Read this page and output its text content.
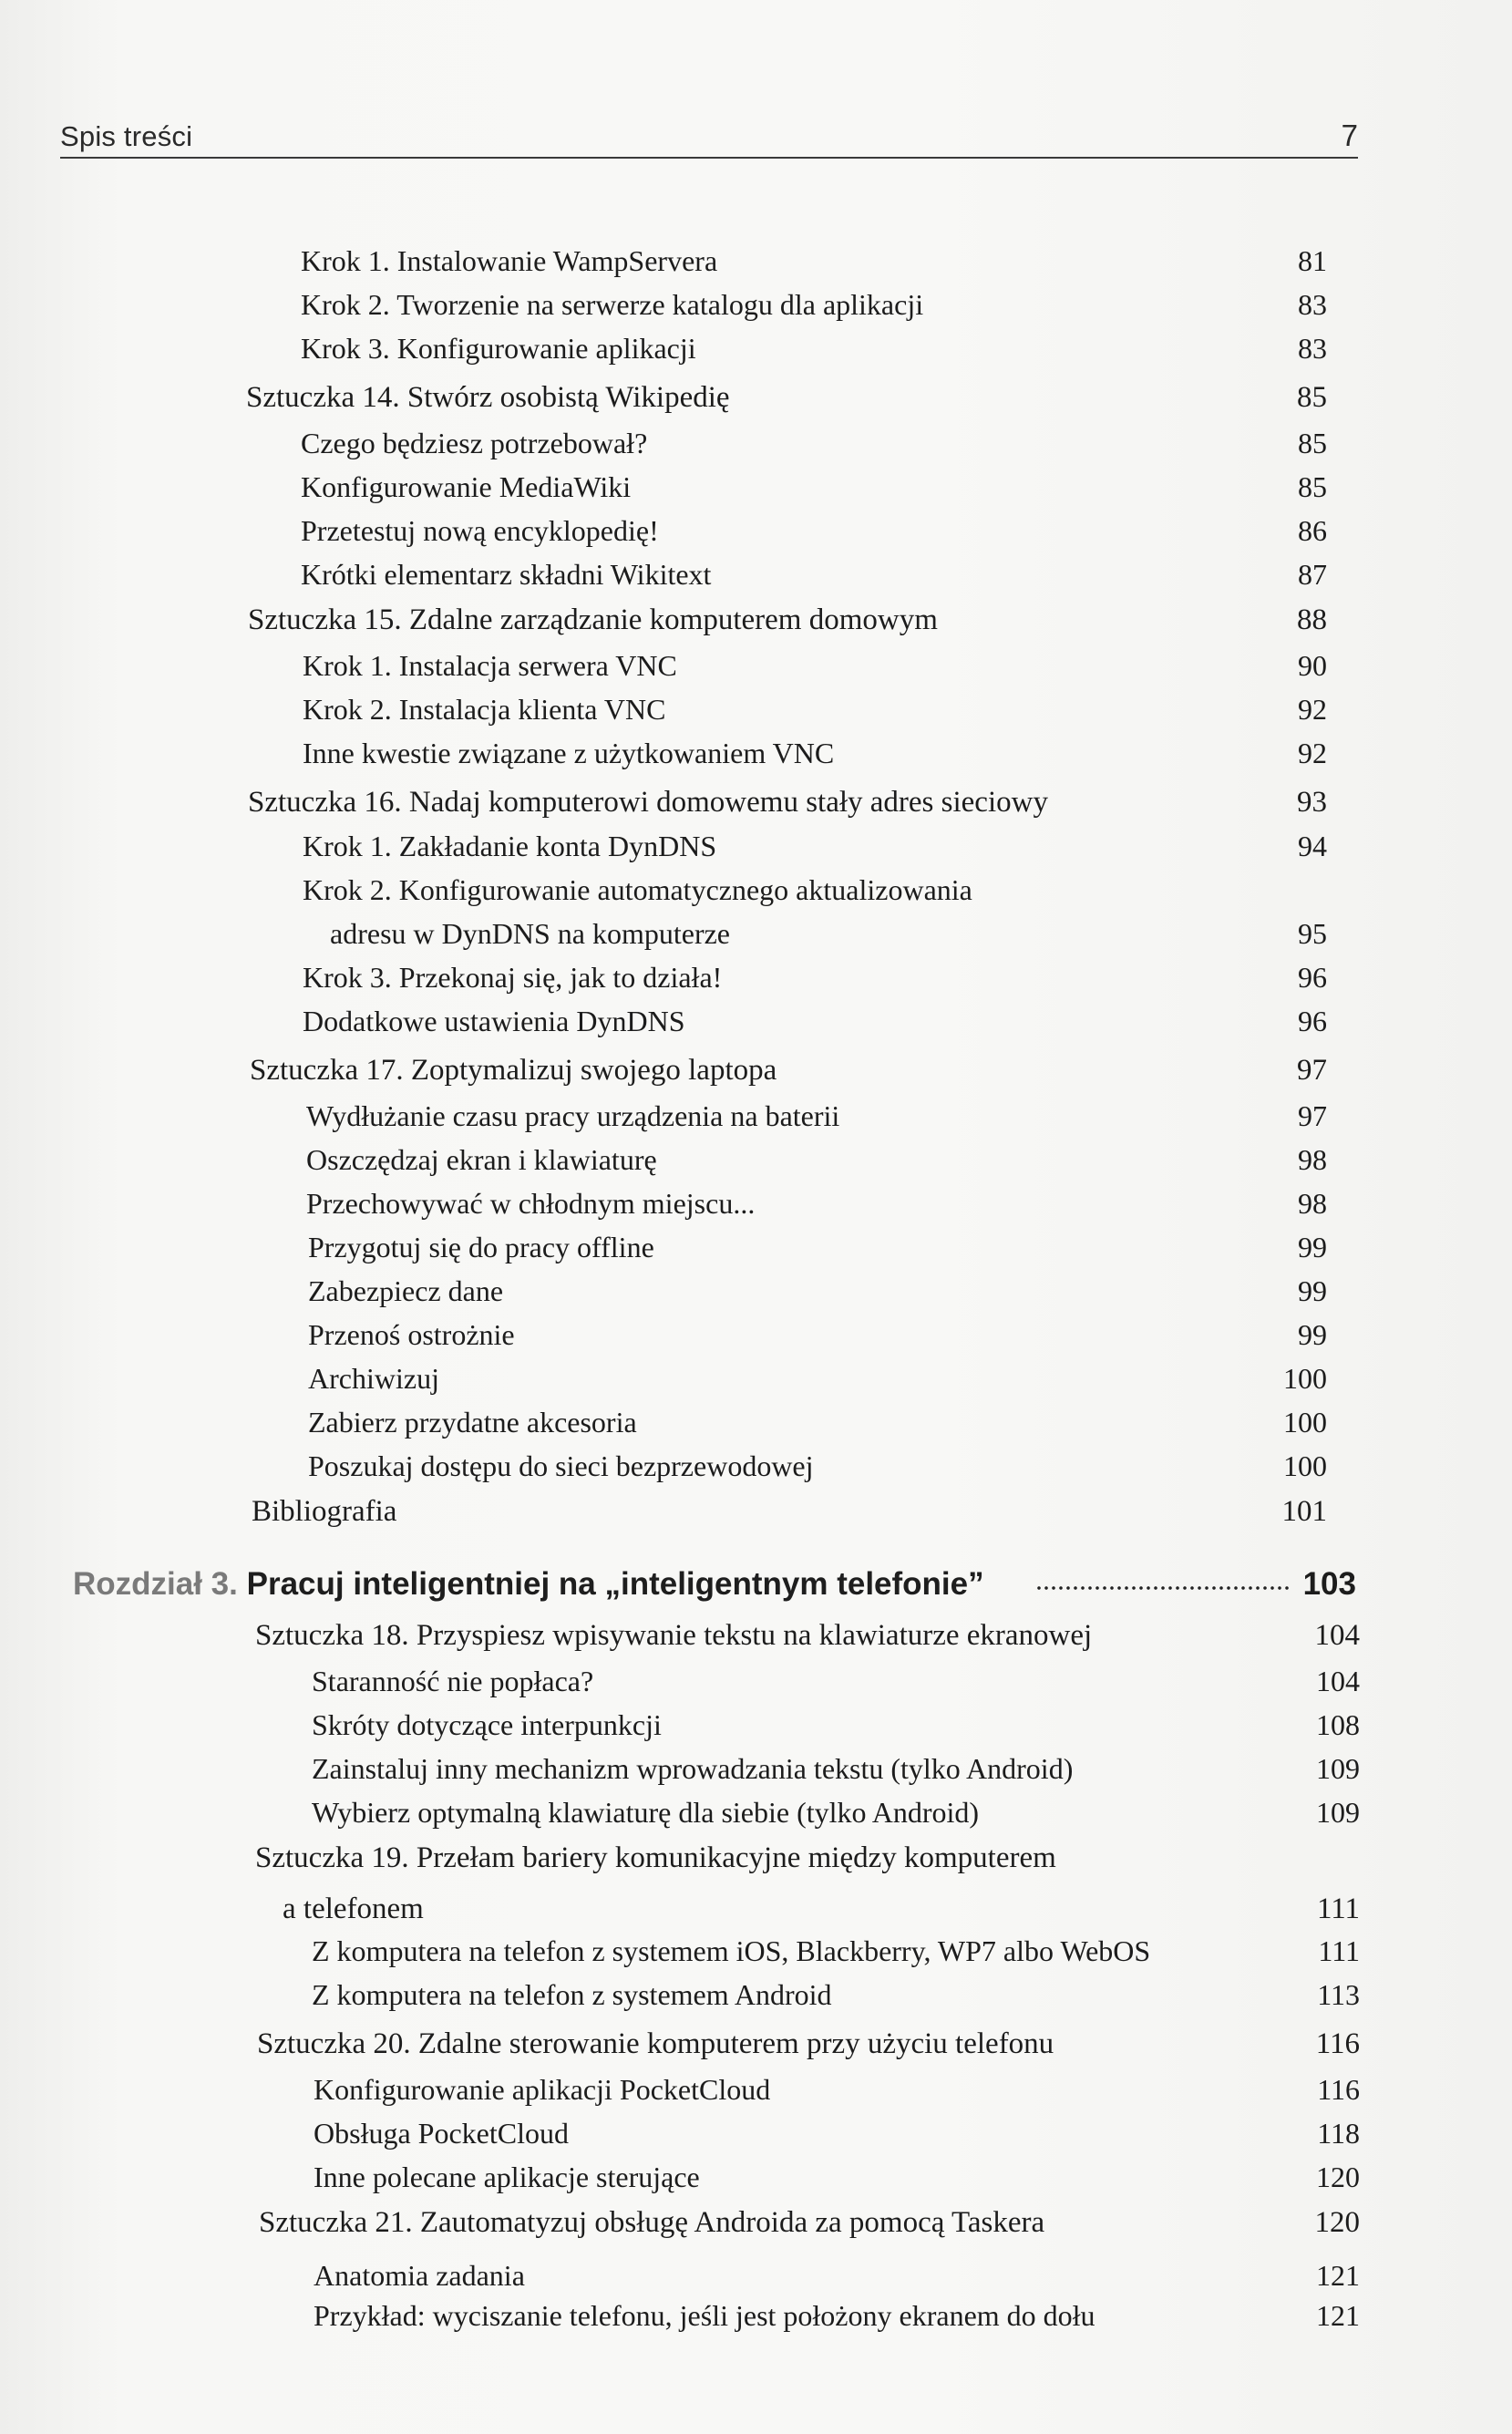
Spis treści	7
Krok 1. Instalowanie WampServera	81
Krok 2. Tworzenie na serwerze katalogu dla aplikacji	83
Krok 3. Konfigurowanie aplikacji	83
Sztuczka 14. Stwórz osobistą Wikipedię	85
Czego będziesz potrzebował?	85
Konfigurowanie MediaWiki	85
Przetestuj nową encyklopedię!	86
Krótki elementarz składni Wikitext	87
Sztuczka 15. Zdalne zarządzanie komputerem domowym	88
Krok 1. Instalacja serwera VNC	90
Krok 2. Instalacja klienta VNC	92
Inne kwestie związane z użytkowaniem VNC	92
Sztuczka 16. Nadaj komputerowi domowemu stały adres sieciowy	93
Krok 1. Zakładanie konta DynDNS	94
Krok 2. Konfigurowanie automatycznego aktualizowania
adresu w DynDNS na komputerze	95
Krok 3. Przekonaj się, jak to działa!	96
Dodatkowe ustawienia DynDNS	96
Sztuczka 17. Zoptymalizuj swojego laptopa	97
Wydłużanie czasu pracy urządzenia na baterii	97
Oszczędzaj ekran i klawiaturę	98
Przechowywać w chłodnym miejscu...	98
Przygotuj się do pracy offline	99
Zabezpiecz dane	99
Przenoś ostrożnie	99
Archiwizuj	100
Zabierz przydatne akcesoria	100
Poszukaj dostępu do sieci bezprzewodowej	100
Bibliografia	101
Rozdział 3. Pracuj inteligentniej na „inteligentnym telefonie”	103
Sztuczka 18. Przyspiesz wpisywanie tekstu na klawiaturze ekranowej	104
Staranność nie popłaca?	104
Skróty dotyczące interpunkcji	108
Zainstaluj inny mechanizm wprowadzania tekstu (tylko Android)	109
Wybierz optymalną klawiaturę dla siebie (tylko Android)	109
Sztuczka 19. Przełam bariery komunikacyjne między komputerem
a telefonem	111
Z komputera na telefon z systemem iOS, Blackberry, WP7 albo WebOS	111
Z komputera na telefon z systemem Android	113
Sztuczka 20. Zdalne sterowanie komputerem przy użyciu telefonu	116
Konfigurowanie aplikacji PocketCloud	116
Obsługa PocketCloud	118
Inne polecane aplikacje sterujące	120
Sztuczka 21. Zautomatyzuj obsługę Androida za pomocą Taskera	120
Anatomia zadania	121
Przykład: wyciszanie telefonu, jeśli jest położony ekranem do dołu	121
